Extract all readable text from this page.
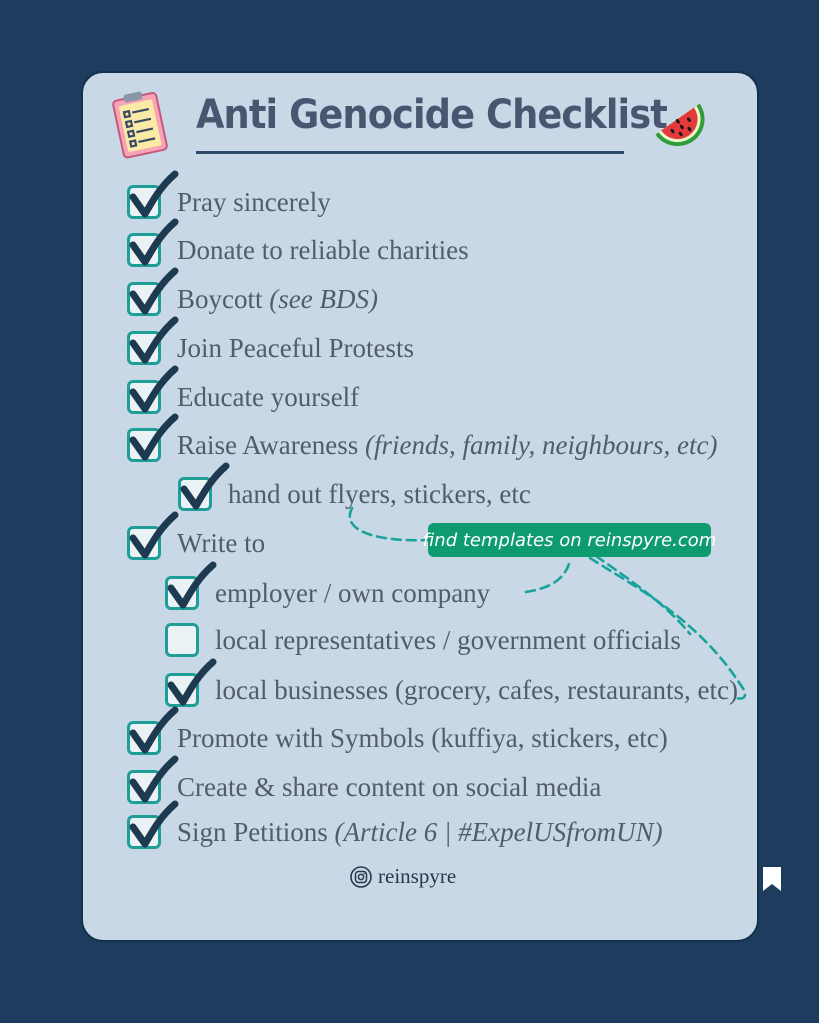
Anti Genocide Checklist
Pray sincerely
Donate to reliable charities
Boycott (see BDS)
Join Peaceful Protests
Educate yourself
Raise Awareness (friends, family, neighbours, etc)
hand out flyers, stickers, etc
Write to
employer / own company
local representatives / government officials
local businesses (grocery, cafes, restaurants, etc)
Promote with Symbols (kuffiya, stickers, etc)
Create & share content on social media
Sign Petitions (Article 6 | #ExpelUSfromUN)
find templates on reinspyre.com
reinspyre
